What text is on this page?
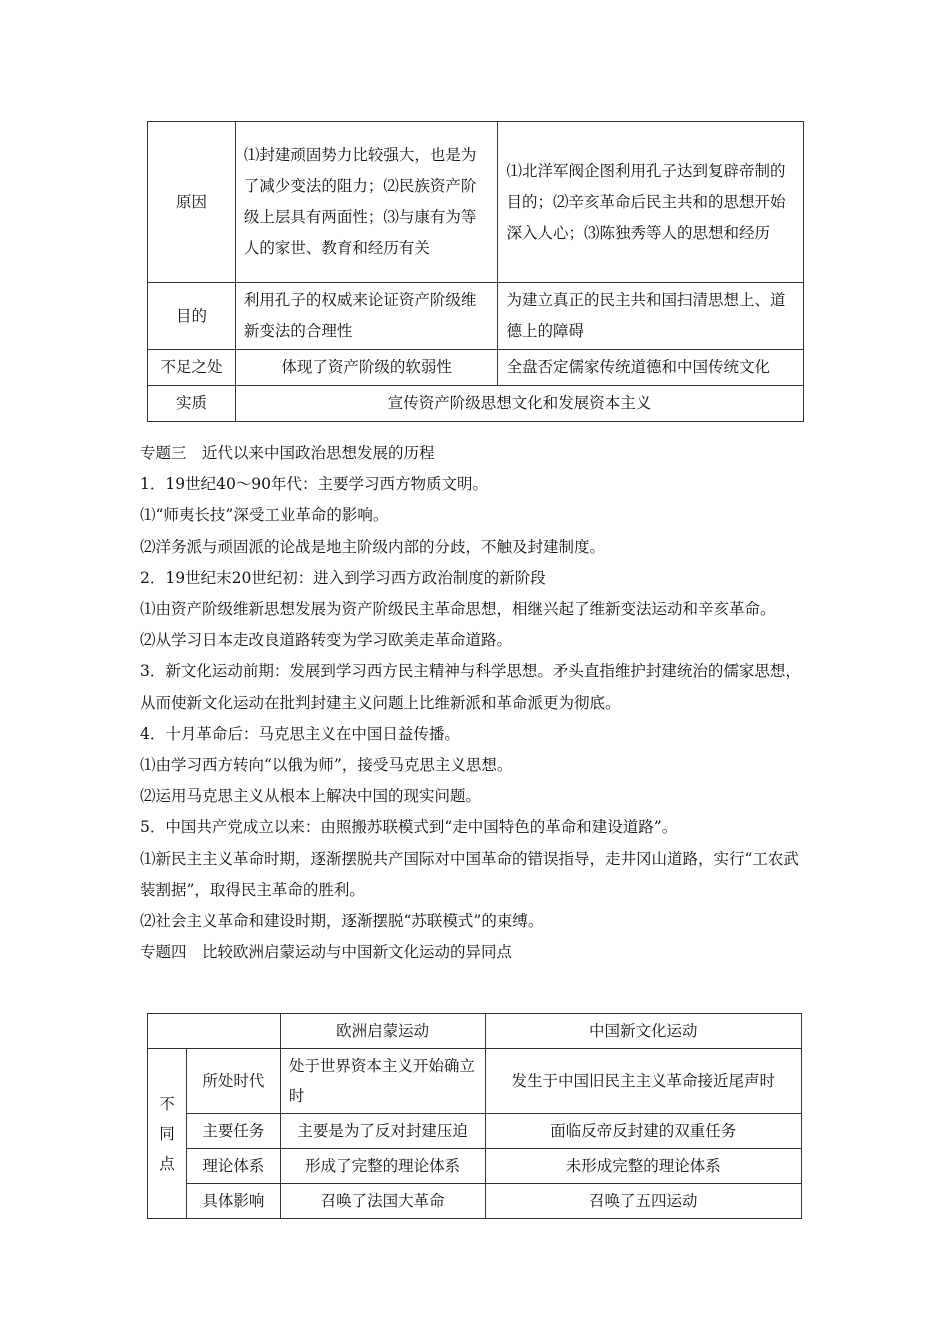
原因	⑴封建顽固势力比较强大，也是为了减少变法的阻力；⑵民族资产阶级上层具有两面性；⑶与康有为等人的家世、教育和经历有关	⑴北洋军阀企图利用孔子达到复辟帝制的目的；⑵辛亥革命后民主共和的思想开始深入人心；⑶陈独秀等人的思想和经历
目的	利用孔子的权威来论证资产阶级维新变法的合理性	为建立真正的民主共和国扫清思想上、道德上的障碍
不足之处	体现了资产阶级的软弱性	全盘否定儒家传统道德和中国传统文化
实质	宣传资产阶级思想文化和发展资本主义	

专题三　近代以来中国政治思想发展的历程

1．19世纪40～90年代：主要学习西方物质文明。

⑴“师夷长技”深受工业革命的影响。

⑵洋务派与顽固派的论战是地主阶级内部的分歧，不触及封建制度。

2．19世纪末20世纪初：进入到学习西方政治制度的新阶段

⑴由资产阶级维新思想发展为资产阶级民主革命思想，相继兴起了维新变法运动和辛亥革命。

⑵从学习日本走改良道路转变为学习欧美走革命道路。

3．新文化运动前期：发展到学习西方民主精神与科学思想。矛头直指维护封建统治的儒家思想，从而使新文化运动在批判封建主义问题上比维新派和革命派更为彻底。

4．十月革命后：马克思主义在中国日益传播。

⑴由学习西方转向“以俄为师”，接受马克思主义思想。

⑵运用马克思主义从根本上解决中国的现实问题。

5．中国共产党成立以来：由照搬苏联模式到“走中国特色的革命和建设道路”。

⑴新民主主义革命时期，逐渐摆脱共产国际对中国革命的错误指导，走井冈山道路，实行“工农武装割据”，取得民主革命的胜利。

⑵社会主义革命和建设时期，逐渐摆脱“苏联模式”的束缚。

专题四　比较欧洲启蒙运动与中国新文化运动的异同点

		欧洲启蒙运动	中国新文化运动

不同点	所处时代	处于世界资本主义开始确立时	发生于中国旧民主主义革命接近尾声时
	主要任务	主要是为了反对封建压迫	面临反帝反封建的双重任务
	理论体系	形成了完整的理论体系	未形成完整的理论体系
	具体影响	召唤了法国大革命	召唤了五四运动
